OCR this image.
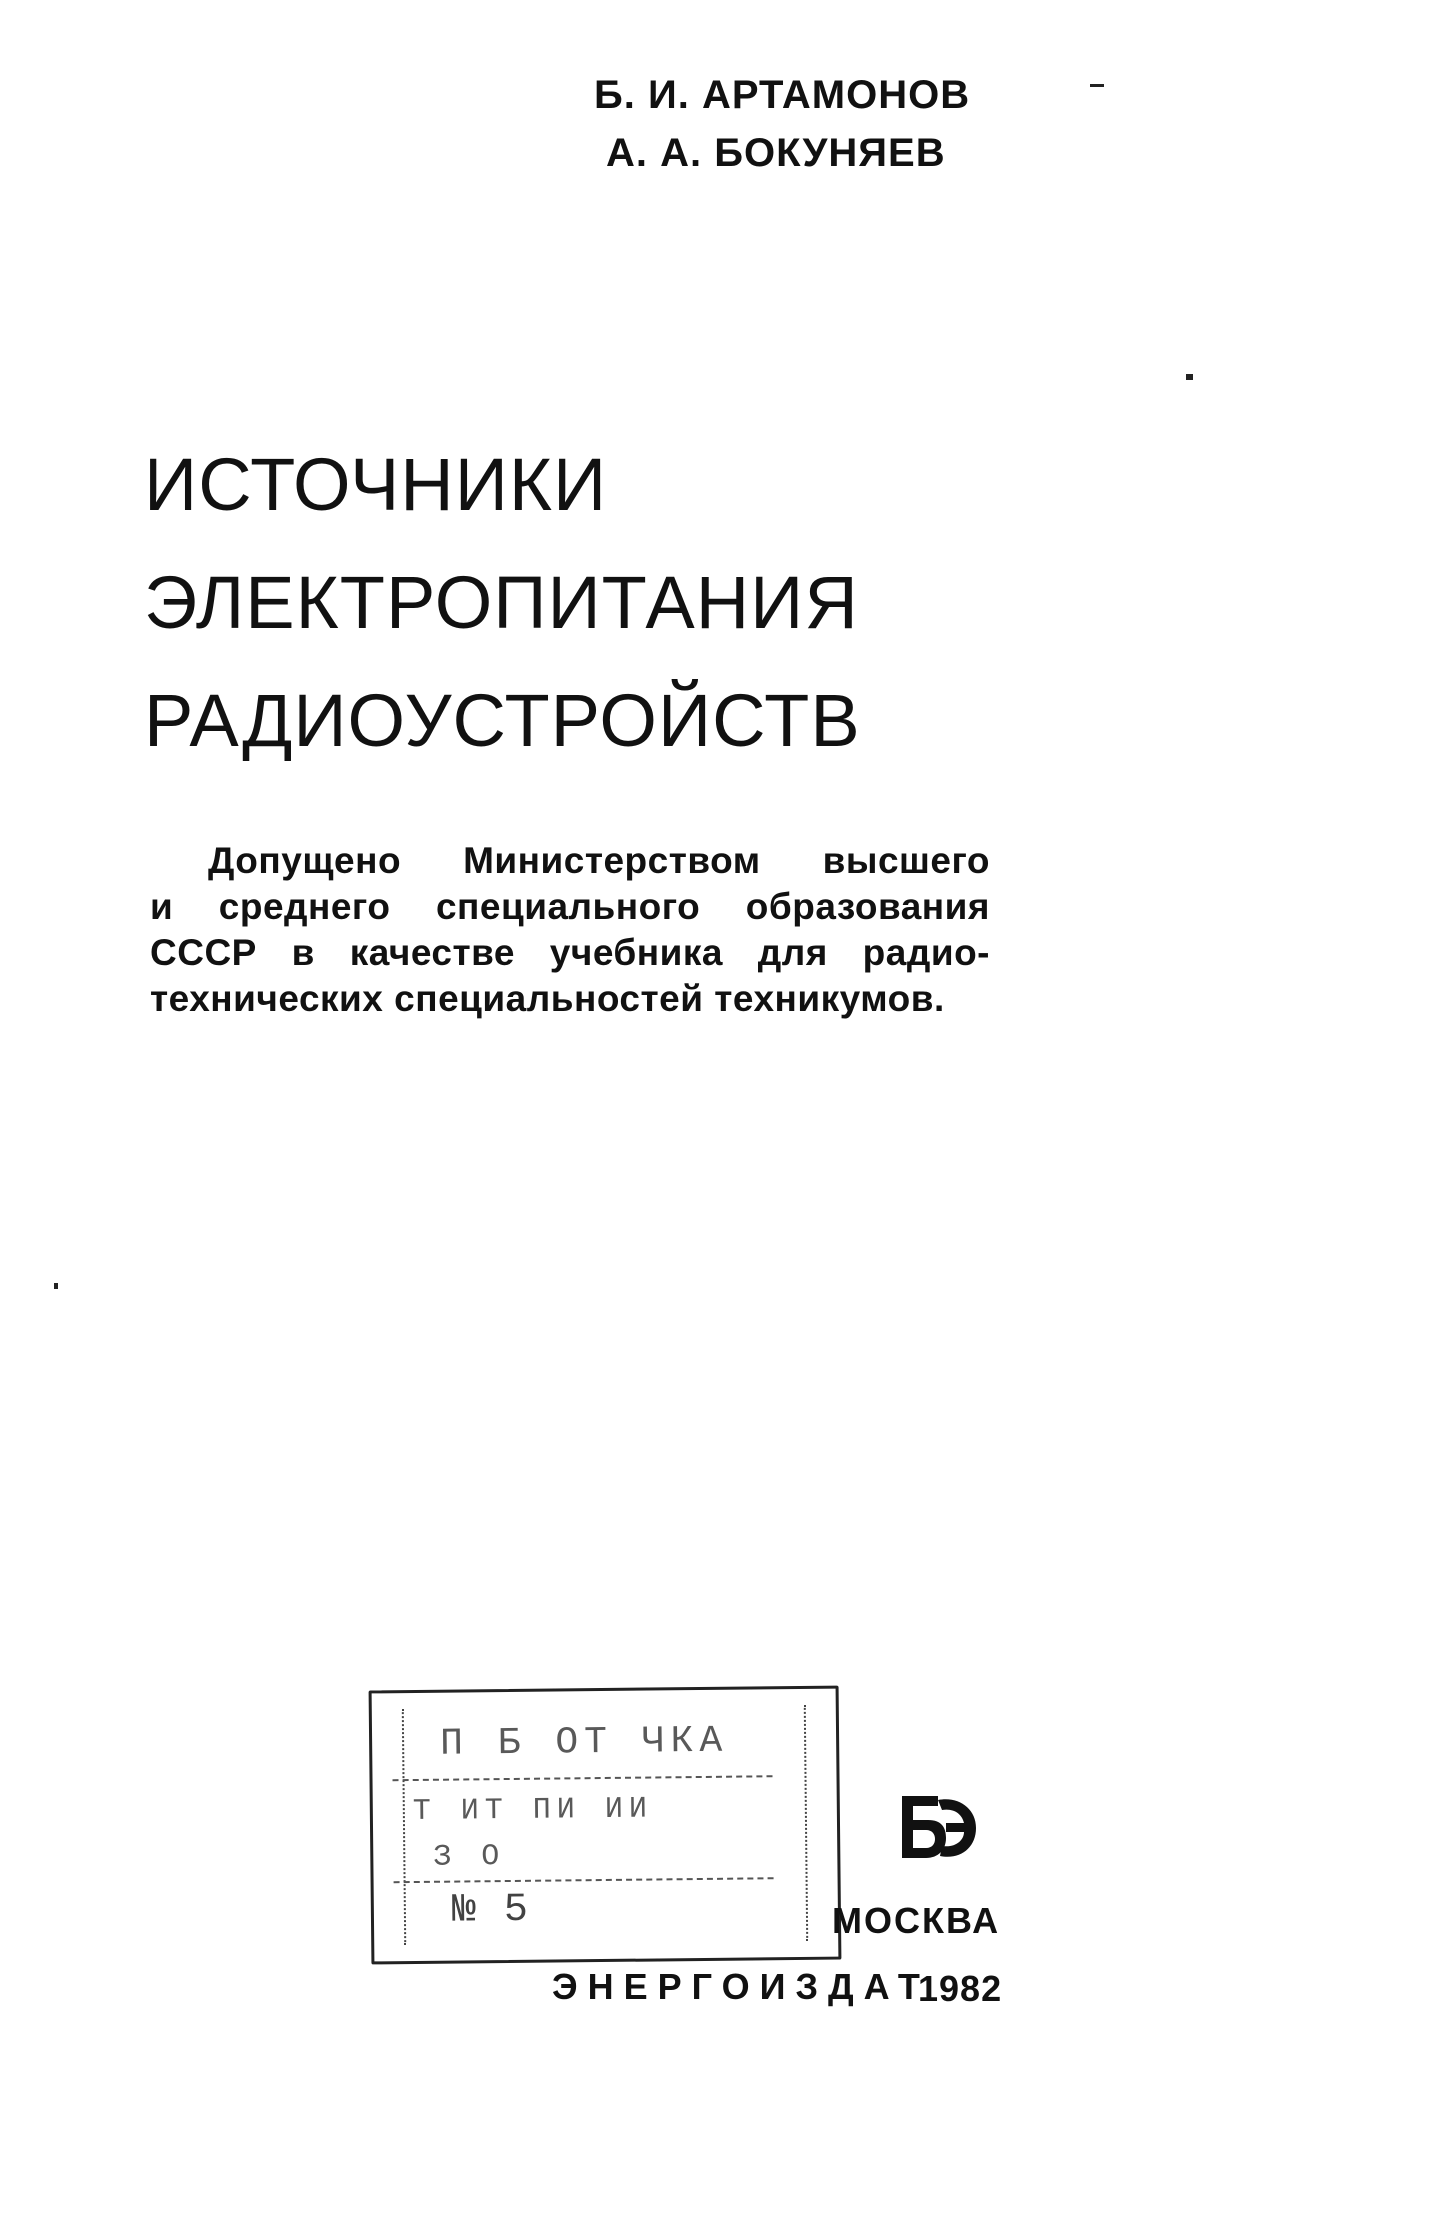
Б. И. АРТАМОНОВ
А. А. БОКУНЯЕВ
ИСТОЧНИКИ
ЭЛЕКТРОПИТАНИЯ
РАДИОУСТРОЙСТВ
Допущено Министерством высшего
и среднего специального образования
СССР в качестве учебника для радио-
технических специальностей техникумов.
П Б ОТ ЧКА
Т ИТ ПИ ИИ
З О
№ 5	МОСКВА
ЭНЕРГОИЗДАТ
1982
